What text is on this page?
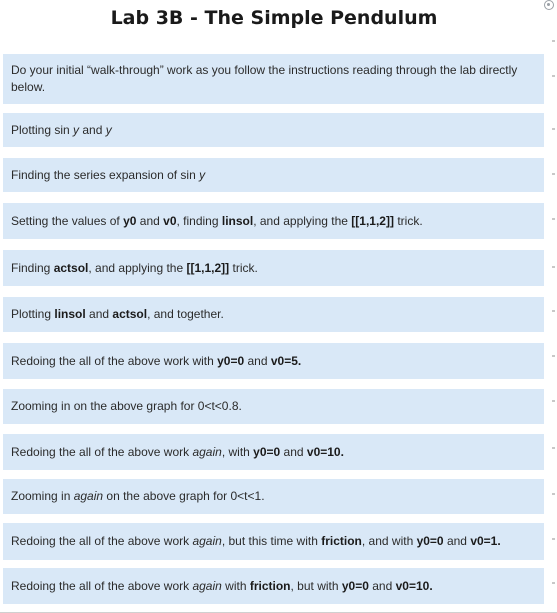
Lab 3B - The Simple Pendulum
Do your initial “walk-through” work as you follow the instructions reading through the lab directly below.
Plotting sin y and y
Finding the series expansion of sin y
Setting the values of y0 and v0, finding linsol, and applying the [[1,1,2]] trick.
Finding actsol, and applying the [[1,1,2]] trick.
Plotting linsol and actsol, and together.
Redoing the all of the above work with y0=0 and v0=5.
Zooming in on the above graph for 0<t<0.8.
Redoing the all of the above work again, with y0=0 and v0=10.
Zooming in again on the above graph for 0<t<1.
Redoing the all of the above work again, but this time with friction, and with y0=0 and v0=1.
Redoing the all of the above work again with friction, but with y0=0 and v0=10.
